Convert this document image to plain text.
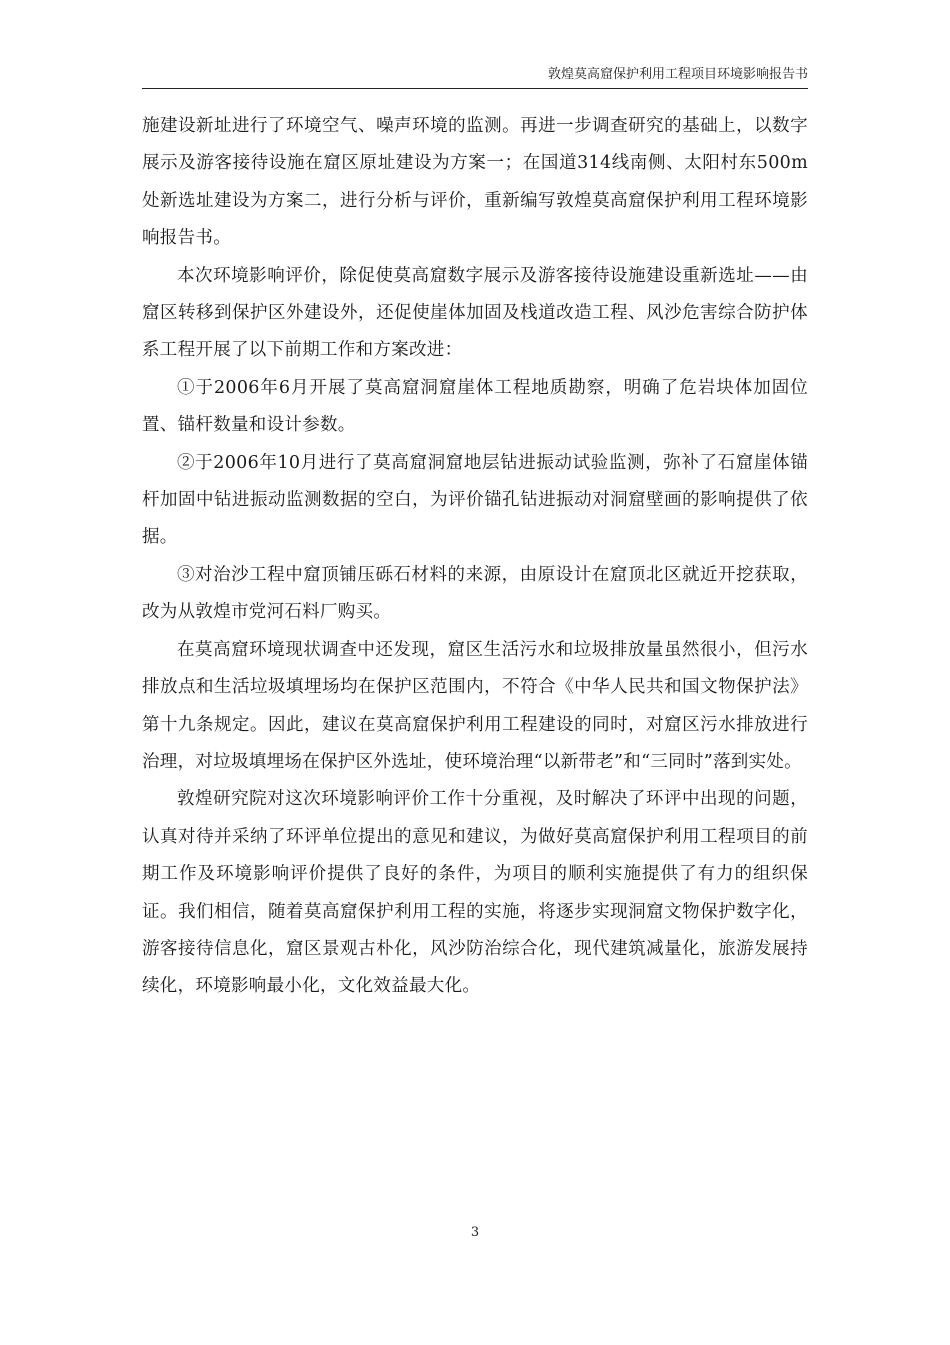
敦煌莫高窟保护利用工程项目环境影响报告书

施建设新址进行了环境空气、噪声环境的监测。再进一步调查研究的基础上，以数字展示及游客接待设施在窟区原址建设为方案一；在国道314线南侧、太阳村东500m处新选址建设为方案二，进行分析与评价，重新编写敦煌莫高窟保护利用工程环境影响报告书。

本次环境影响评价，除促使莫高窟数字展示及游客接待设施建设重新选址——由窟区转移到保护区外建设外，还促使崖体加固及栈道改造工程、风沙危害综合防护体系工程开展了以下前期工作和方案改进：

①于2006年6月开展了莫高窟洞窟崖体工程地质勘察，明确了危岩块体加固位置、锚杆数量和设计参数。

②于2006年10月进行了莫高窟洞窟地层钻进振动试验监测，弥补了石窟崖体锚杆加固中钻进振动监测数据的空白，为评价锚孔钻进振动对洞窟壁画的影响提供了依据。

③对治沙工程中窟顶铺压砾石材料的来源，由原设计在窟顶北区就近开挖获取，改为从敦煌市党河石料厂购买。

在莫高窟环境现状调查中还发现，窟区生活污水和垃圾排放量虽然很小，但污水排放点和生活垃圾填埋场均在保护区范围内，不符合《中华人民共和国文物保护法》第十九条规定。因此，建议在莫高窟保护利用工程建设的同时，对窟区污水排放进行治理，对垃圾填埋场在保护区外选址，使环境治理“以新带老”和“三同时”落到实处。

敦煌研究院对这次环境影响评价工作十分重视，及时解决了环评中出现的问题，认真对待并采纳了环评单位提出的意见和建议，为做好莫高窟保护利用工程项目的前期工作及环境影响评价提供了良好的条件，为项目的顺利实施提供了有力的组织保证。我们相信，随着莫高窟保护利用工程的实施，将逐步实现洞窟文物保护数字化，游客接待信息化，窟区景观古朴化，风沙防治综合化，现代建筑减量化，旅游发展持续化，环境影响最小化，文化效益最大化。

3
